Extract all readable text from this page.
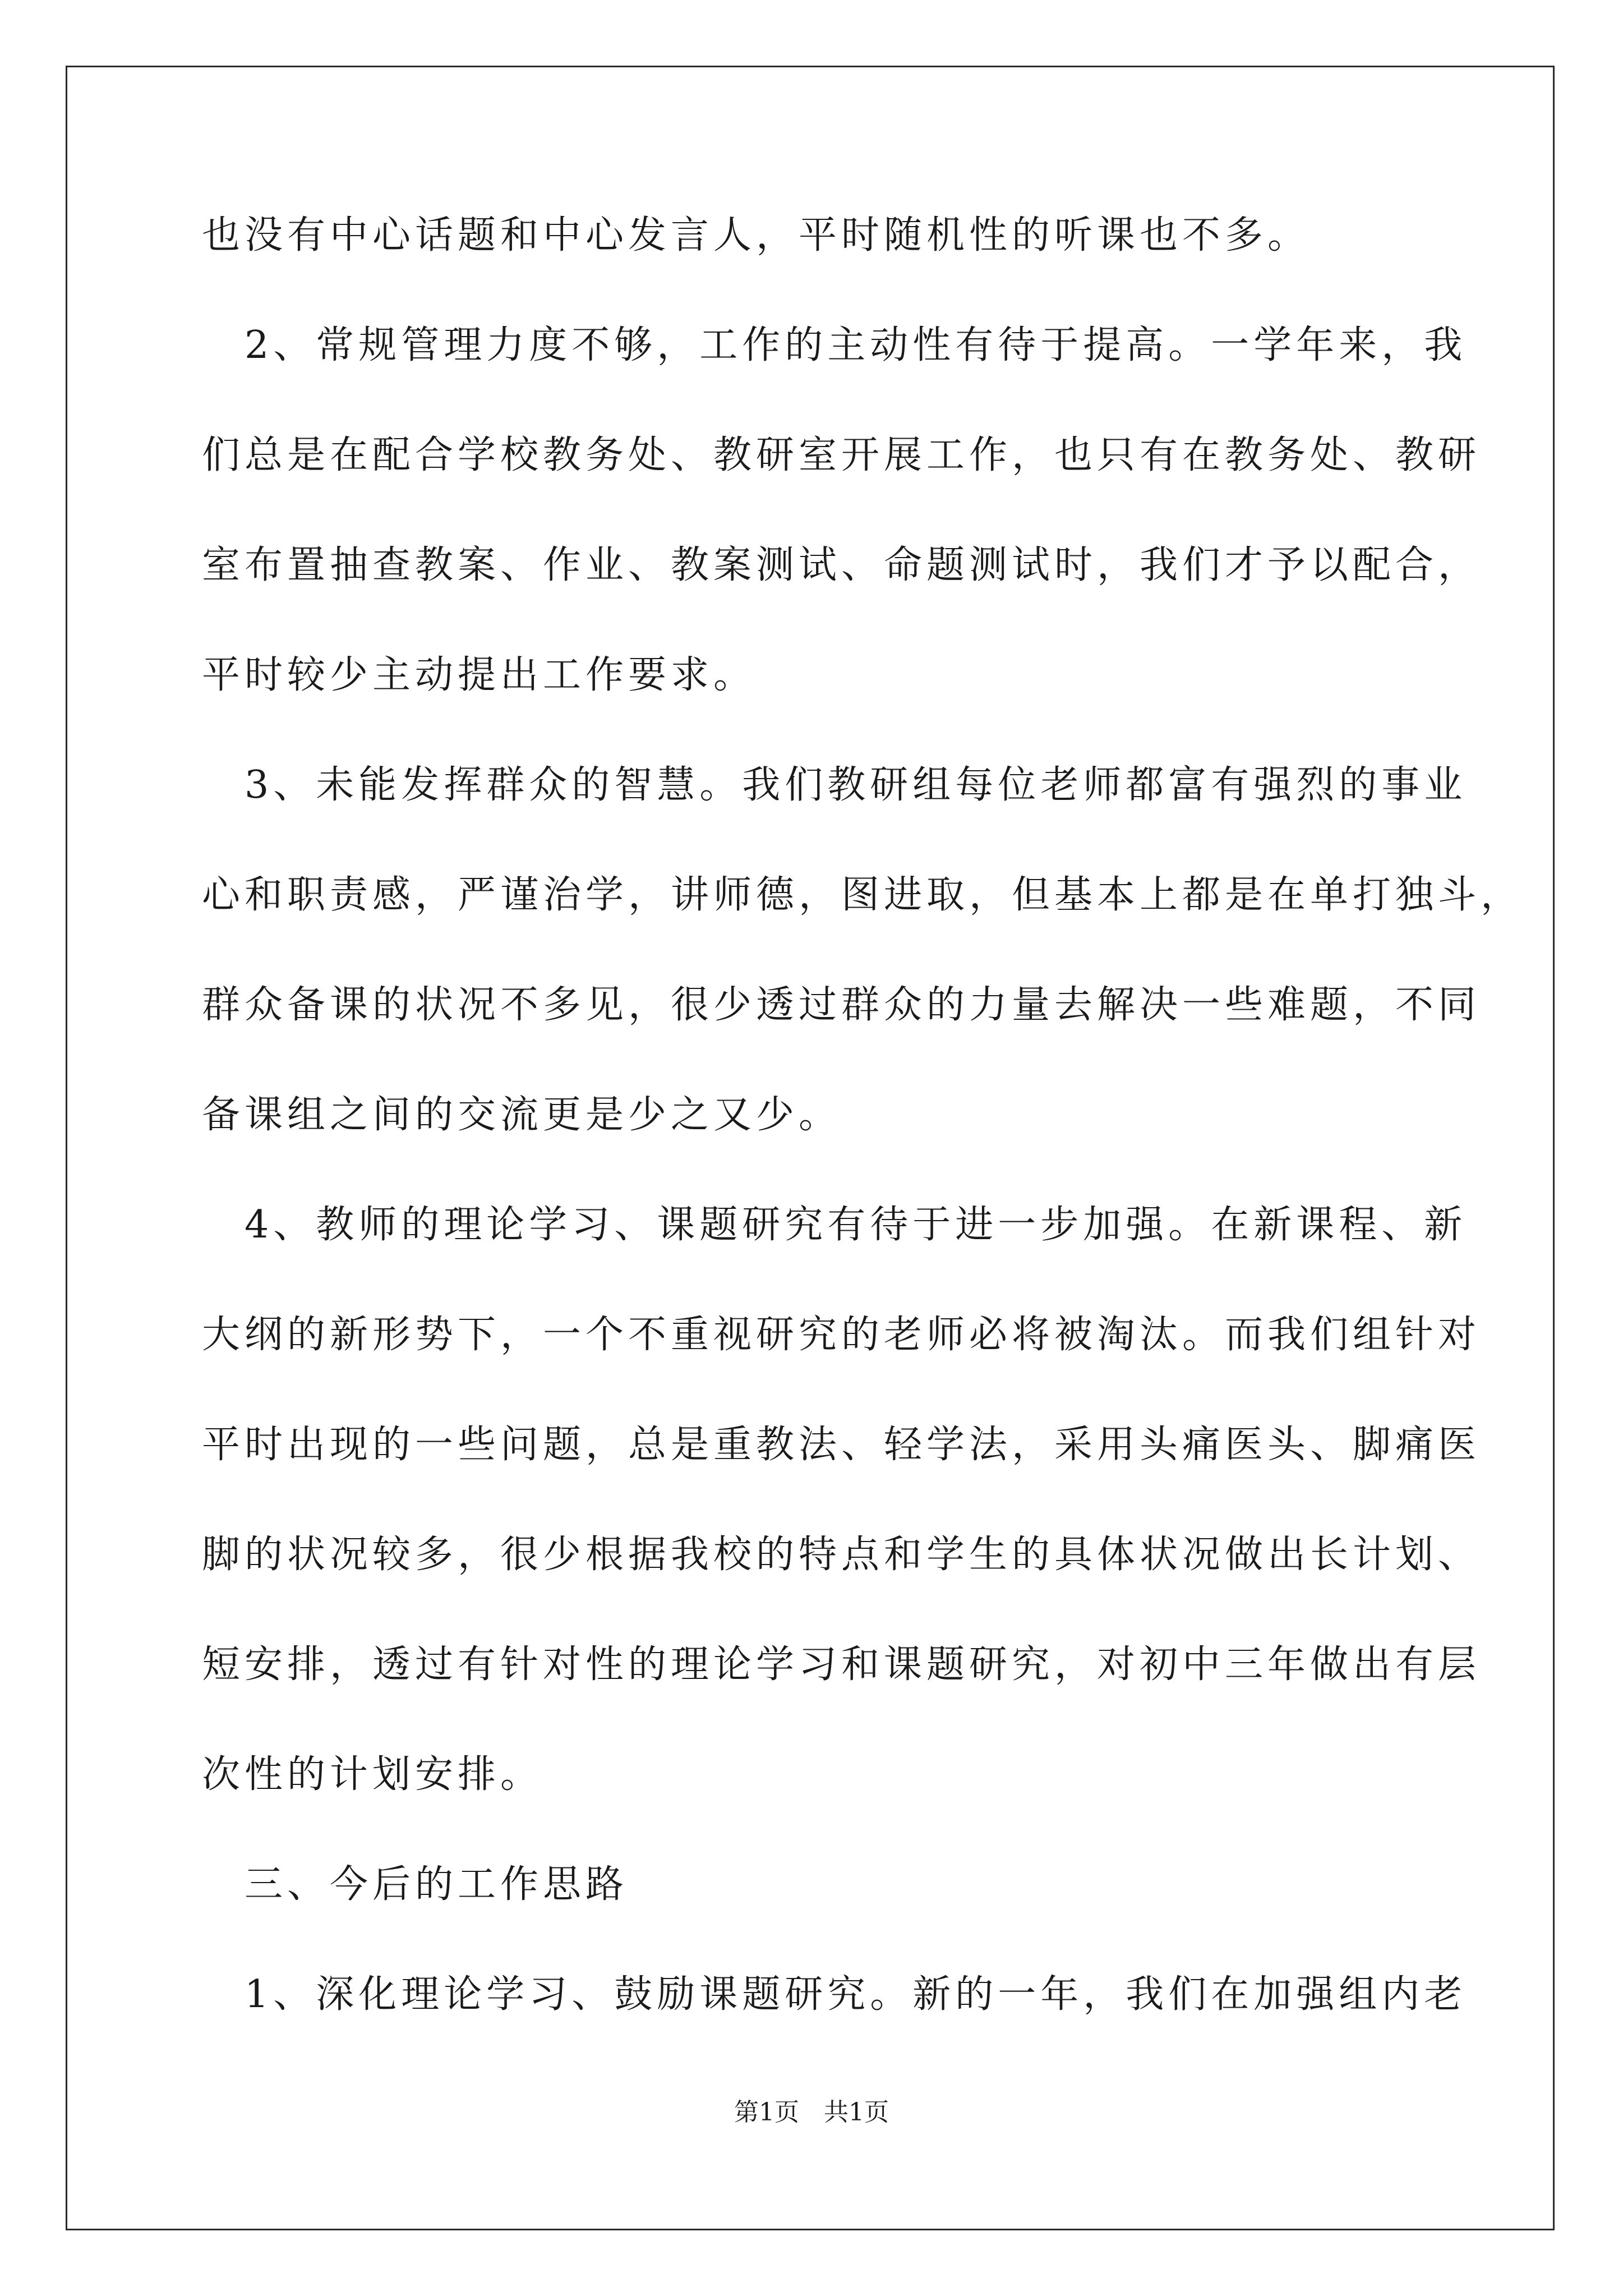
也没有中心话题和中心发言人，平时随机性的听课也不多。
　2、常规管理力度不够，工作的主动性有待于提高。一学年来，我
们总是在配合学校教务处、教研室开展工作，也只有在教务处、教研
室布置抽查教案、作业、教案测试、命题测试时，我们才予以配合，
平时较少主动提出工作要求。
　3、未能发挥群众的智慧。我们教研组每位老师都富有强烈的事业
心和职责感，严谨治学，讲师德，图进取，但基本上都是在单打独斗，
群众备课的状况不多见，很少透过群众的力量去解决一些难题，不同
备课组之间的交流更是少之又少。
　4、教师的理论学习、课题研究有待于进一步加强。在新课程、新
大纲的新形势下，一个不重视研究的老师必将被淘汰。而我们组针对
平时出现的一些问题，总是重教法、轻学法，采用头痛医头、脚痛医
脚的状况较多，很少根据我校的特点和学生的具体状况做出长计划、
短安排，透过有针对性的理论学习和课题研究，对初中三年做出有层
次性的计划安排。
　三、今后的工作思路
　1、深化理论学习、鼓励课题研究。新的一年，我们在加强组内老
第1页　共1页
